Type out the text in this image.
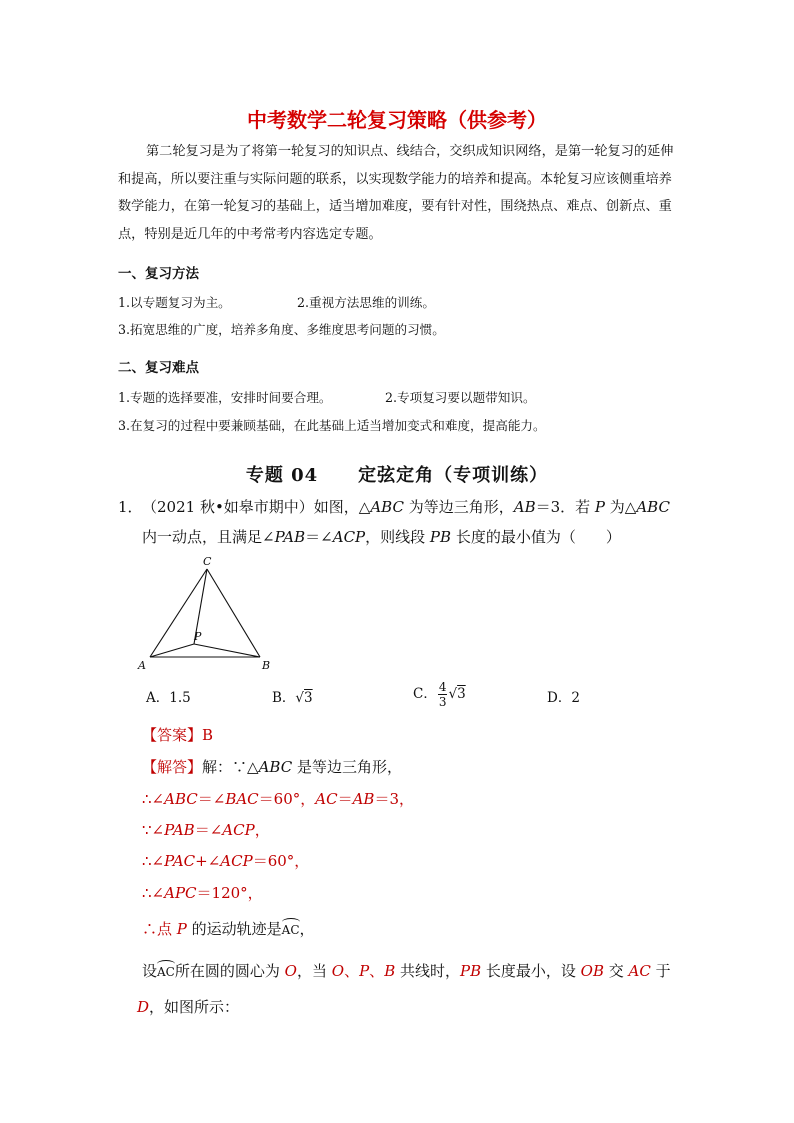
中考数学二轮复习策略（供参考）
第二轮复习是为了将第一轮复习的知识点、线结合，交织成知识网络，是第一轮复习的延伸和提高，所以要注重与实际问题的联系，以实现数学能力的培养和提高。本轮复习应该侧重培养数学能力，在第一轮复习的基础上，适当增加难度，要有针对性，围绕热点、难点、创新点、重点，特别是近几年的中考常考内容选定专题。
一、复习方法
1.以专题复习为主。	2.重视方法思维的训练。
3.拓宽思维的广度，培养多角度、多维度思考问题的习惯。
二、复习难点
1.专题的选择要准，安排时间要合理。	2.专项复习要以题带知识。
3.在复习的过程中要兼顾基础，在此基础上适当增加变式和难度，提高能力。
专题 04 定弦定角（专项训练）
1． （2021 秋•如皋市期中）如图，△ABC 为等边三角形，AB＝3．若 P 为△ABC
内一动点，且满足∠PAB＝∠ACP，则线段 PB 长度的最小值为（　　）
A	B
C
P
A．1.5	B．√3	C． $\frac{4}{3} √3$	D．2
【答案】B
【解答】解：∵△ABC 是等边三角形，
∴∠ABC＝∠BAC＝60°，AC＝AB＝3，
∵∠PAB＝∠ACP，
∴∠PAC+∠ACP＝60°，
∴∠APC＝120°，
∴点 P 的运动轨迹是AC，
设AC所在圆的圆心为 O，当 O、P、B 共线时，PB 长度最小，设 OB 交 AC 于
D，如图所示：
